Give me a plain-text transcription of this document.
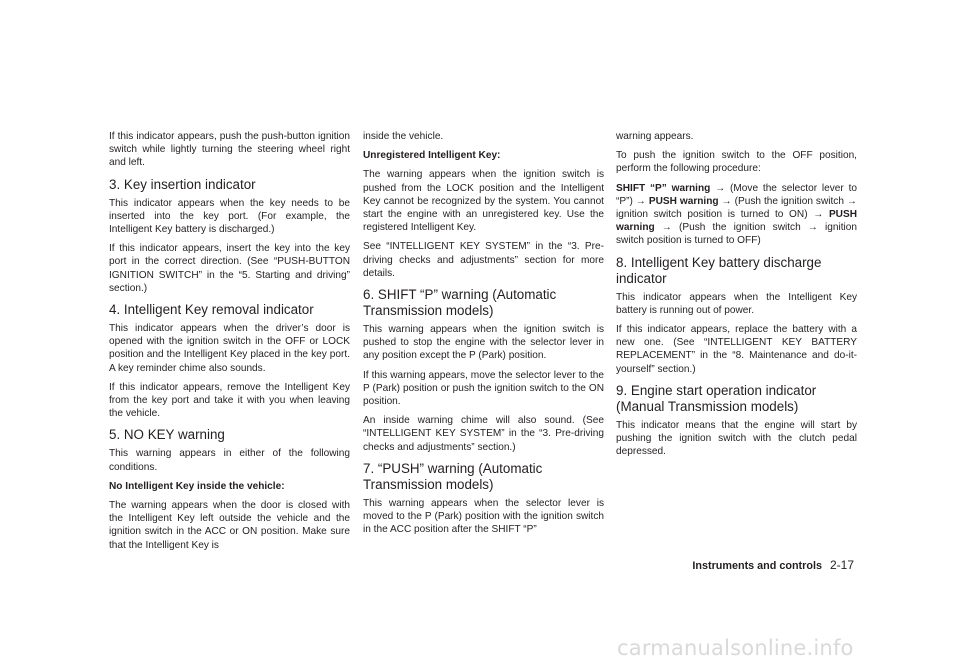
If this indicator appears, push the push-button ignition switch while lightly turning the steering wheel right and left.

3. Key insertion indicator

This indicator appears when the key needs to be inserted into the key port. (For example, the Intelligent Key battery is discharged.)

If this indicator appears, insert the key into the key port in the correct direction. (See “PUSH-BUTTON IGNITION SWITCH” in the “5. Starting and driving” section.)

4. Intelligent Key removal indicator

This indicator appears when the driver’s door is opened with the ignition switch in the OFF or LOCK position and the Intelligent Key placed in the key port. A key reminder chime also sounds.

If this indicator appears, remove the Intelligent Key from the key port and take it with you when leaving the vehicle.

5. NO KEY warning

This warning appears in either of the following conditions.

No Intelligent Key inside the vehicle:

The warning appears when the door is closed with the Intelligent Key left outside the vehicle and the ignition switch in the ACC or ON position. Make sure that the Intelligent Key is

inside the vehicle.

Unregistered Intelligent Key:

The warning appears when the ignition switch is pushed from the LOCK position and the Intelligent Key cannot be recognized by the system. You cannot start the engine with an unregistered key. Use the registered Intelligent Key.

See “INTELLIGENT KEY SYSTEM” in the “3. Pre-driving checks and adjustments” section for more details.

6. SHIFT “P” warning (Automatic Transmission models)

This warning appears when the ignition switch is pushed to stop the engine with the selector lever in any position except the P (Park) position.

If this warning appears, move the selector lever to the P (Park) position or push the ignition switch to the ON position.

An inside warning chime will also sound. (See “INTELLIGENT KEY SYSTEM” in the “3. Pre-driving checks and adjustments” section.)

7. “PUSH” warning (Automatic Transmission models)

This warning appears when the selector lever is moved to the P (Park) position with the ignition switch in the ACC position after the SHIFT “P”

warning appears.

To push the ignition switch to the OFF position, perform the following procedure:

SHIFT “P” warning → (Move the selector lever to “P”) → PUSH warning → (Push the ignition switch → ignition switch position is turned to ON) → PUSH warning → (Push the ignition switch → ignition switch position is turned to OFF)

8. Intelligent Key battery discharge indicator

This indicator appears when the Intelligent Key battery is running out of power.

If this indicator appears, replace the battery with a new one. (See “INTELLIGENT KEY BATTERY REPLACEMENT” in the “8. Maintenance and do-it-yourself” section.)

9. Engine start operation indicator (Manual Transmission models)

This indicator means that the engine will start by pushing the ignition switch with the clutch pedal depressed.

Instruments and controls 2-17
carmanualsonline.info
